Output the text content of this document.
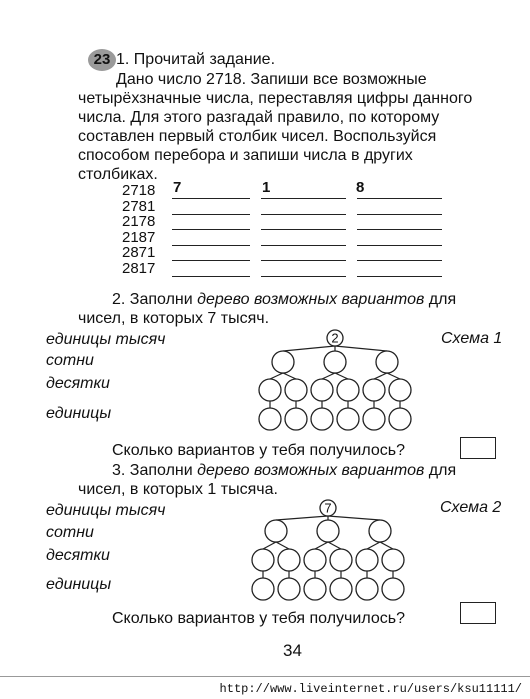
23 1. Прочитай задание.
Дано число 2718. Запиши все возможные
четырёхзначные числа, переставляя цифры данного
числа. Для этого разгадай правило, по которому
составлен первый столбик чисел. Воспользуйся
способом перебора и запиши числа в других
столбиках.
2718
2781
2178
2187
2871
2817
7	1	8
2. Заполни дерево возможных вариантов для
чисел, в которых 7 тысяч.
единицы тысяч
сотни
десятки
единицы
Схема 1
2
Сколько вариантов у тебя получилось?
3. Заполни дерево возможных вариантов для
чисел, в которых 1 тысяча.
единицы тысяч
сотни
десятки
единицы
Схема 2
7
Сколько вариантов у тебя получилось?
34
http://www.liveinternet.ru/users/ksu11111/
